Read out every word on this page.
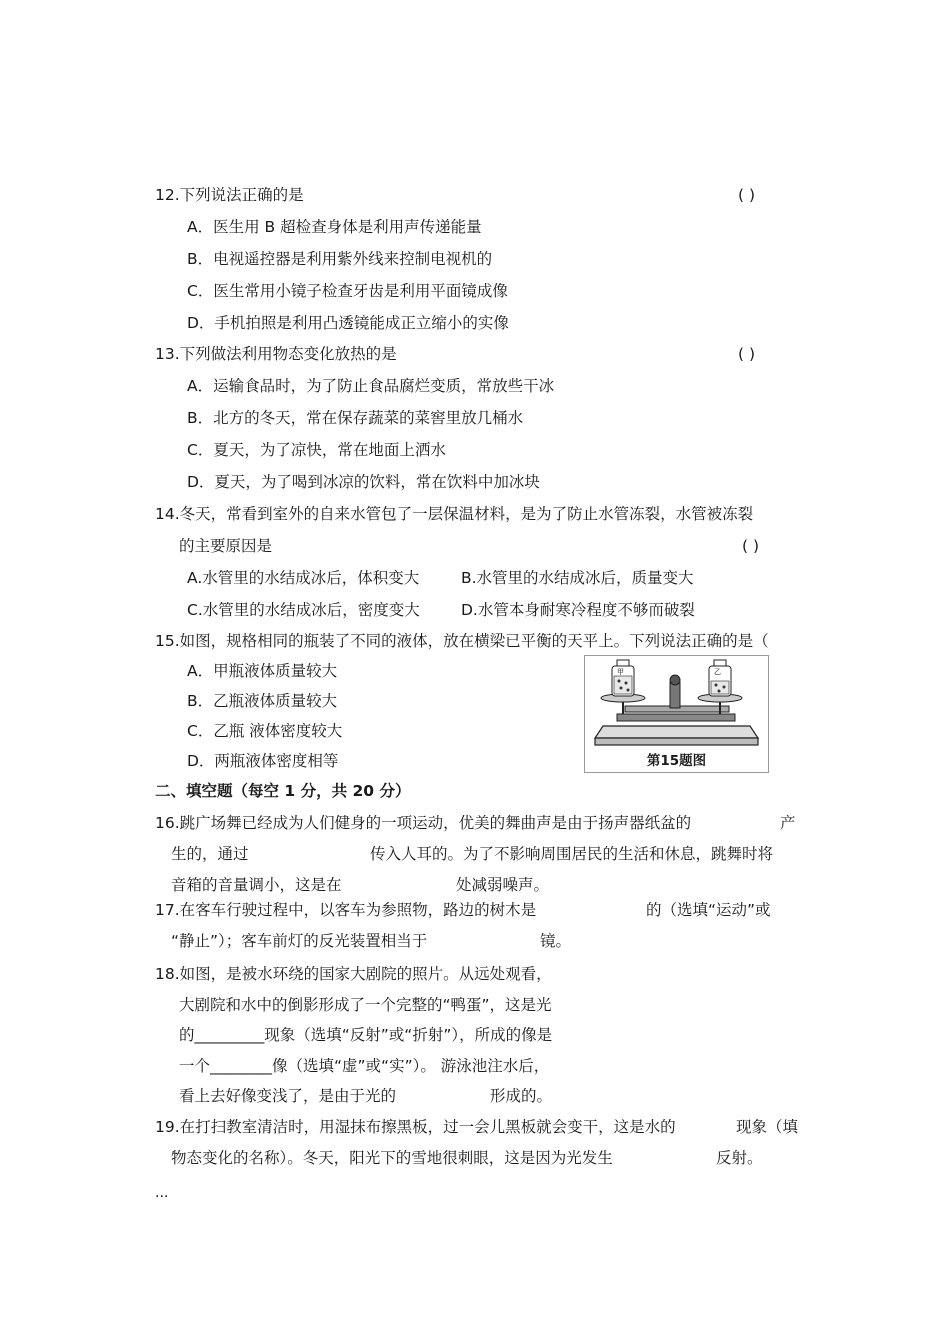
12.下列说法正确的是	( )
A．医生用 B 超检查身体是利用声传递能量
B．电视遥控器是利用紫外线来控制电视机的
C．医生常用小镜子检查牙齿是利用平面镜成像
D．手机拍照是利用凸透镜能成正立缩小的实像
13.下列做法利用物态变化放热的是	( )
A．运输食品时，为了防止食品腐烂变质，常放些干冰
B．北方的冬天，常在保存蔬菜的菜窖里放几桶水
C．夏天，为了凉快，常在地面上洒水
D．夏天，为了喝到冰凉的饮料，常在饮料中加冰块
14.冬天，常看到室外的自来水管包了一层保温材料，是为了防止水管冻裂，水管被冻裂
的主要原因是	( )
A.水管里的水结成冰后，体积变大	B.水管里的水结成冰后，质量变大
C.水管里的水结成冰后，密度变大	D.水管本身耐寒冷程度不够而破裂
15.如图，规格相同的瓶装了不同的液体，放在横梁已平衡的天平上。下列说法正确的是（
A．甲瓶液体质量较大
B．乙瓶液体质量较大
C．乙瓶 液体密度较大
D．两瓶液体密度相等
甲	乙
第15题图
二、填空题（每空 1 分，共 20 分）
16.跳广场舞已经成为人们健身的一项运动，优美的舞曲声是由于扬声器纸盆的	产
生的，通过	传入人耳的。为了不影响周围居民的生活和休息，跳舞时将
音箱的音量调小，这是在	处减弱噪声。
17.在客车行驶过程中，以客车为参照物，路边的树木是	的（选填“运动”或
“静止”）；客车前灯的反光装置相当于	镜。
18.如图，是被水环绕的国家大剧院的照片。从远处观看，
大剧院和水中的倒影形成了一个完整的“鸭蛋”，这是光
的_________现象（选填“反射”或“折射”），所成的像是
一个________像（选填“虚”或“实”）。 游泳池注水后，
看上去好像变浅了，是由于光的	形成的。
19.在打扫教室清洁时，用湿抹布擦黑板，过一会儿黑板就会变干，这是水的	现象（填
物态变化的名称）。冬天，阳光下的雪地很刺眼，这是因为光发生	反射。
...
